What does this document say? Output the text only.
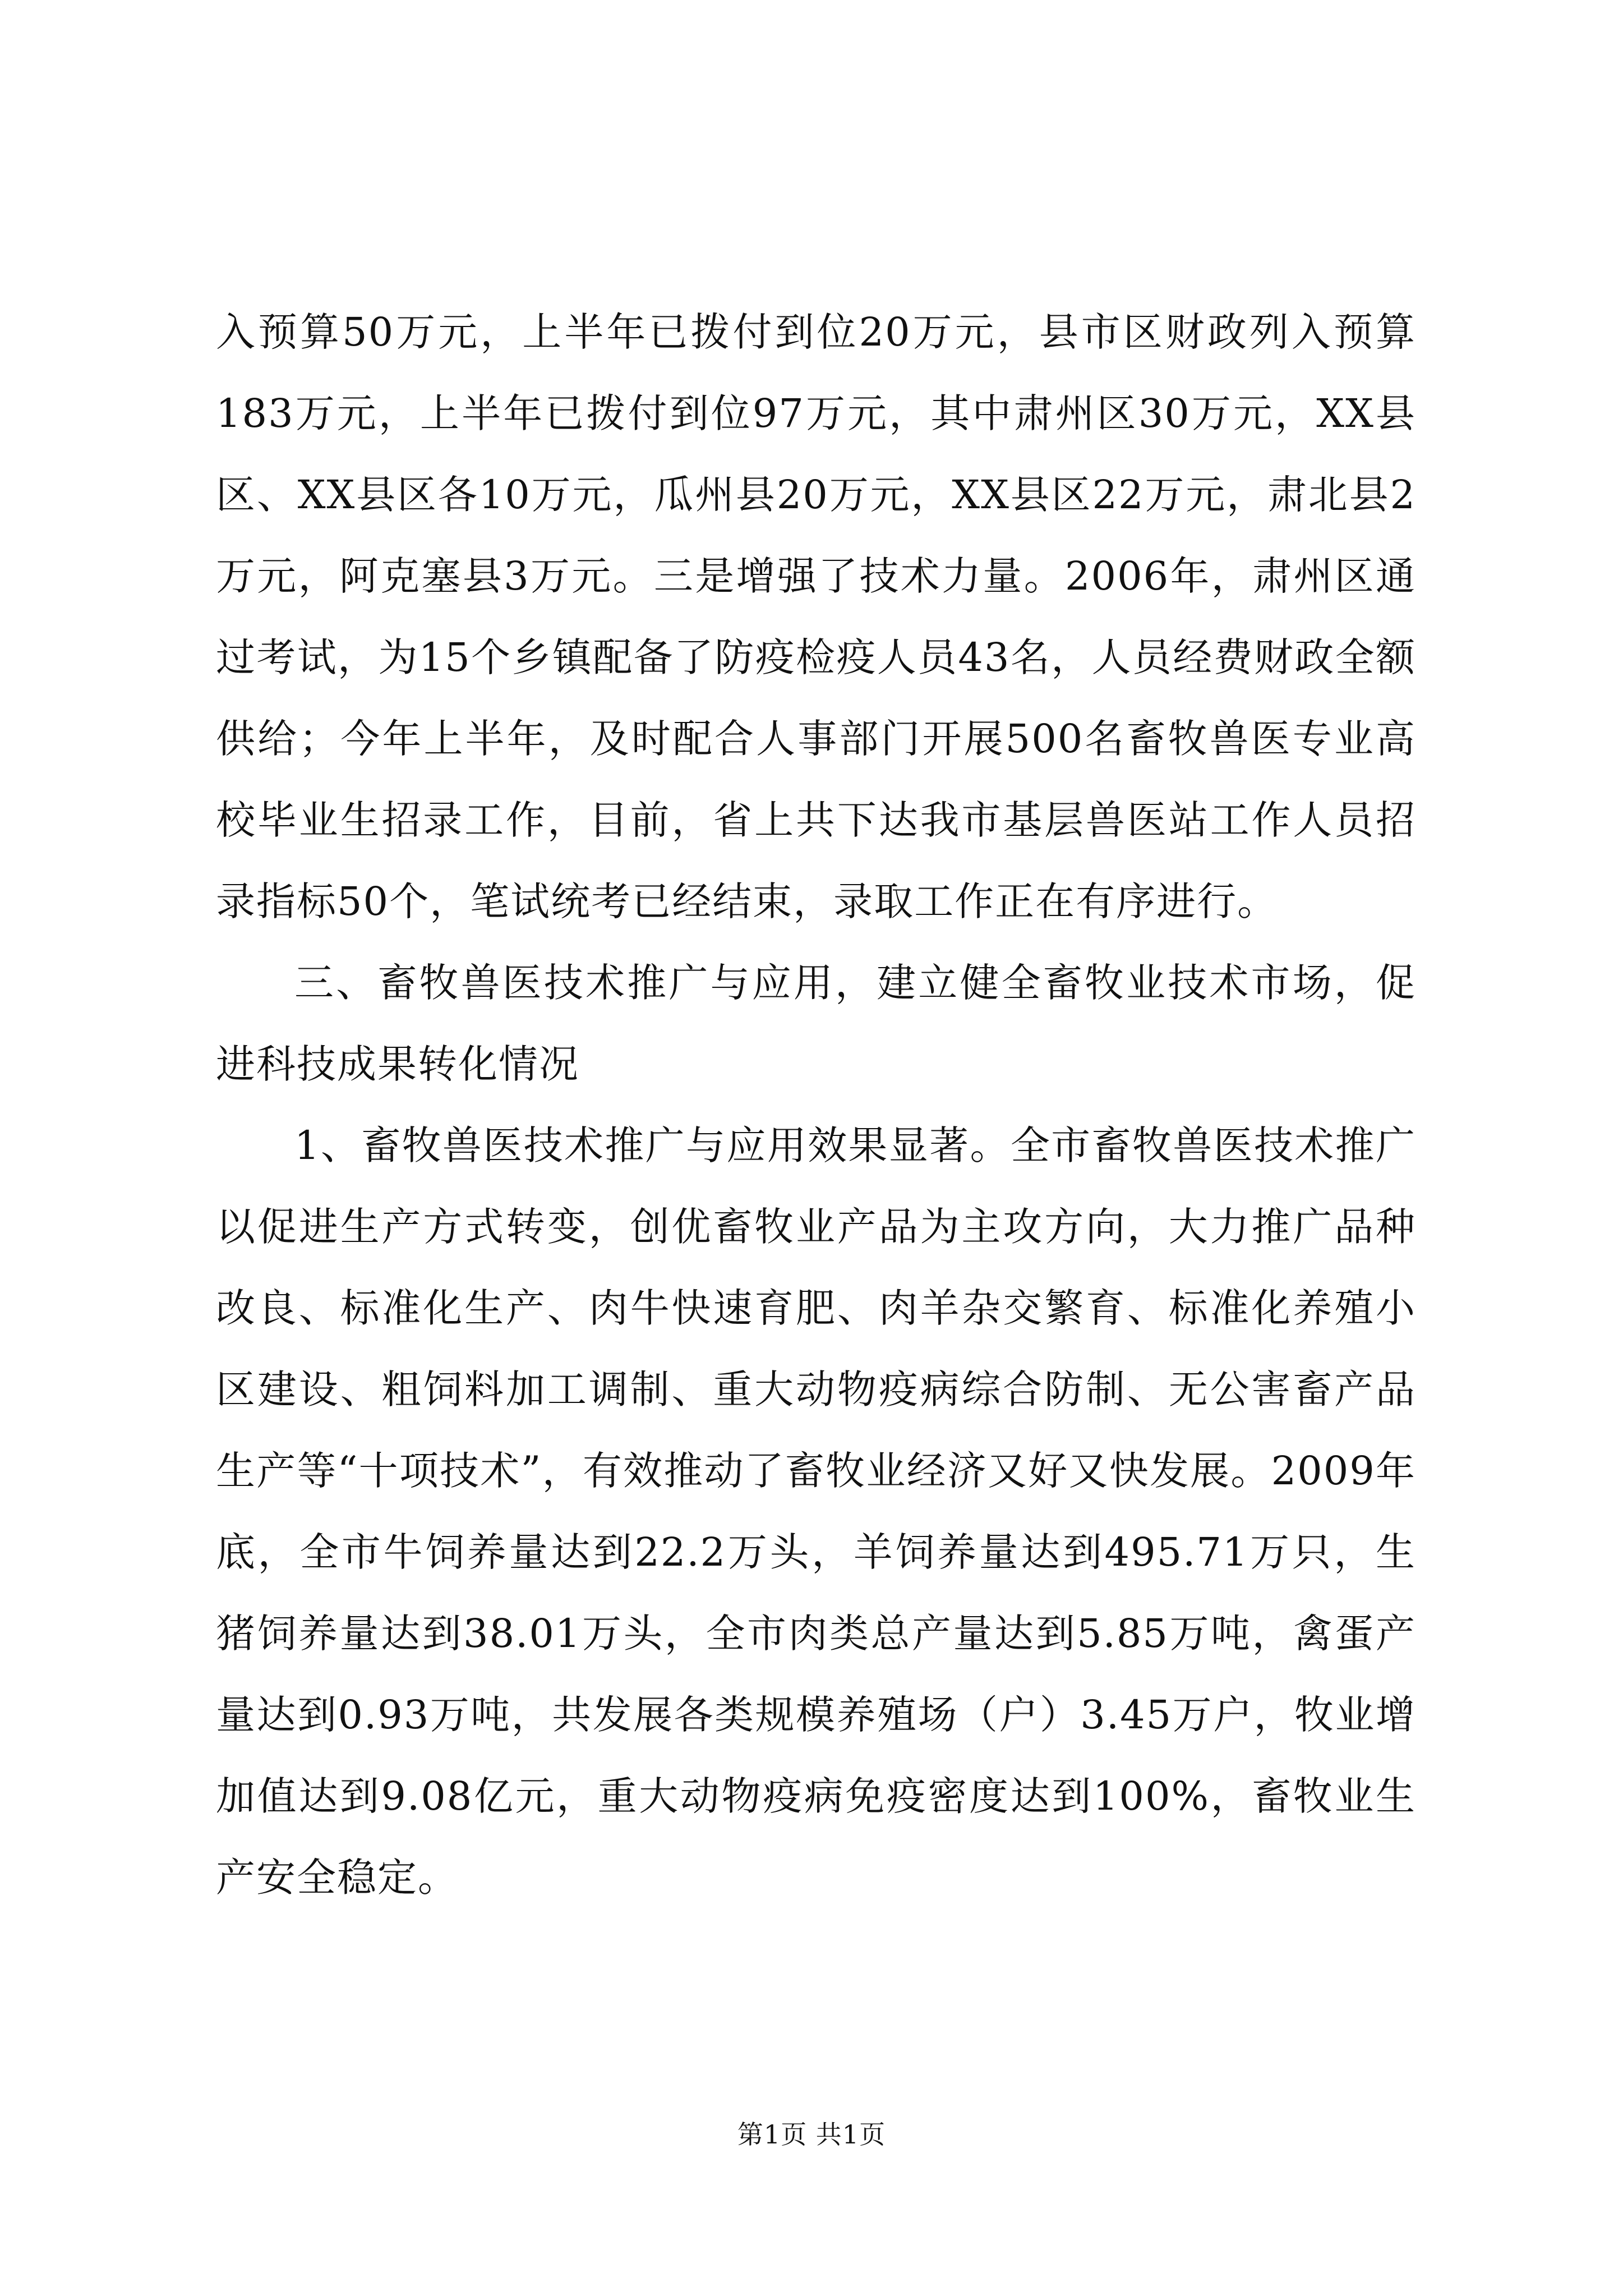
入预算50万元，上半年已拨付到位20万元，县市区财政列入预算183万元，上半年已拨付到位97万元，其中肃州区30万元，XX县区、XX县区各10万元，瓜州县20万元，XX县区22万元，肃北县2万元，阿克塞县3万元。三是增强了技术力量。2006年，肃州区通过考试，为15个乡镇配备了防疫检疫人员43名，人员经费财政全额供给；今年上半年，及时配合人事部门开展500名畜牧兽医专业高校毕业生招录工作，目前，省上共下达我市基层兽医站工作人员招录指标50个，笔试统考已经结束，录取工作正在有序进行。

三、畜牧兽医技术推广与应用，建立健全畜牧业技术市场，促进科技成果转化情况

1、畜牧兽医技术推广与应用效果显著。全市畜牧兽医技术推广以促进生产方式转变，创优畜牧业产品为主攻方向，大力推广品种改良、标准化生产、肉牛快速育肥、肉羊杂交繁育、标准化养殖小区建设、粗饲料加工调制、重大动物疫病综合防制、无公害畜产品生产等“十项技术”，有效推动了畜牧业经济又好又快发展。2009年底，全市牛饲养量达到22.2万头，羊饲养量达到495.71万只，生猪饲养量达到38.01万头，全市肉类总产量达到5.85万吨，禽蛋产量达到0.93万吨，共发展各类规模养殖场（户）3.45万户，牧业增加值达到9.08亿元，重大动物疫病免疫密度达到100%，畜牧业生产安全稳定。

第1页 共1页
